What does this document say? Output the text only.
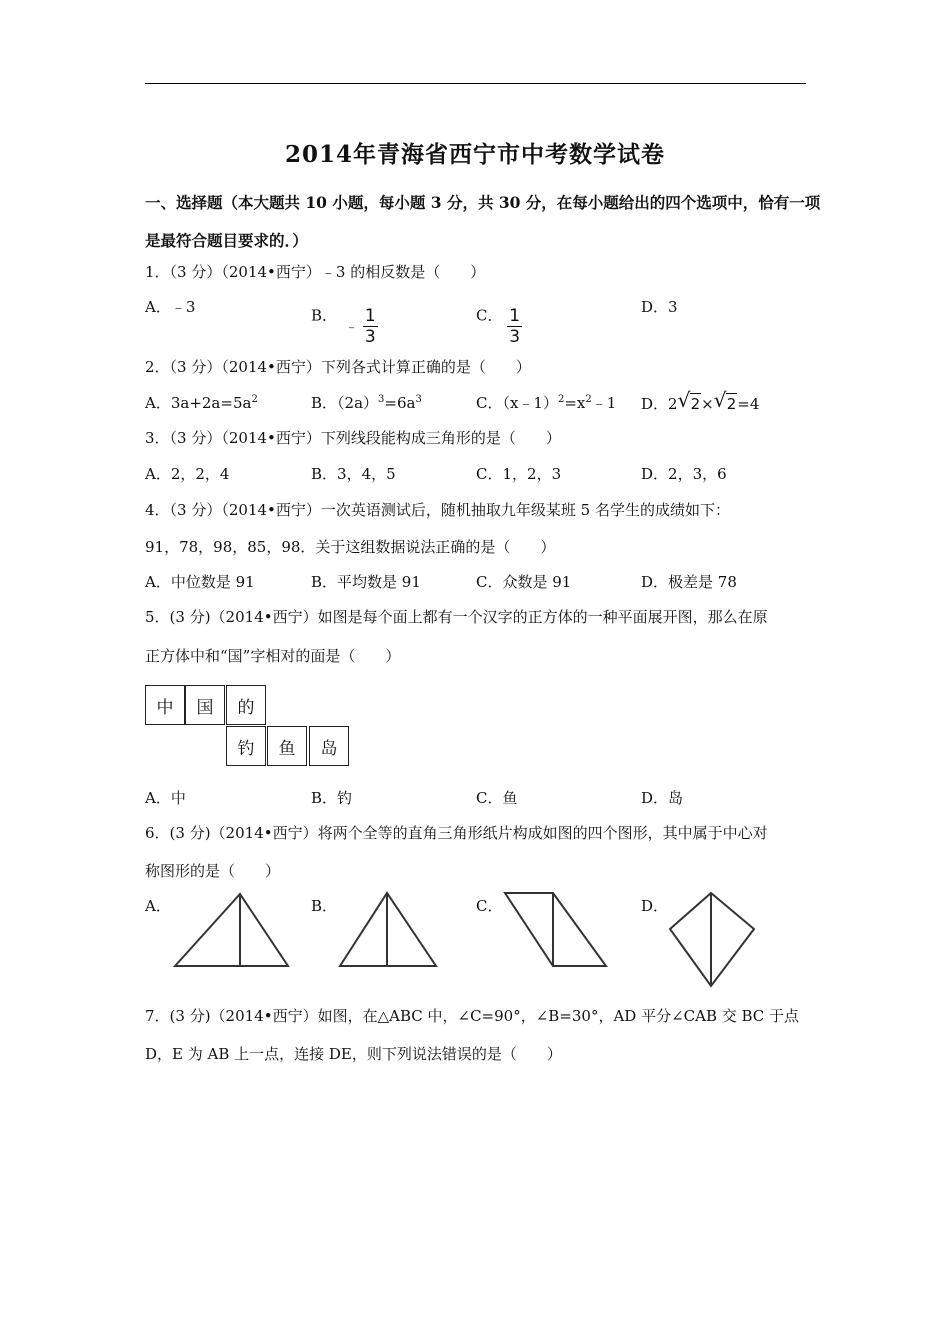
2014年青海省西宁市中考数学试卷
一、选择题（本大题共 10 小题，每小题 3 分，共 30 分，在每小题给出的四个选项中，恰有一项
是最符合题目要求的．）
1．（3 分）（2014•西宁）﹣3 的相反数是（　　）
A．﹣3	B．﹣ $\frac{1}{3}$	C． $\frac{1}{3}$	D．3
2．（3 分）（2014•西宁）下列各式计算正确的是（　　）
A．$3a+2a=5a^2$	B．$(2a)^3=6a^3$	C．$(x﹣1)^2=x^2﹣1$ D．2 √ 2× √ 2=4
3．（3 分）（2014•西宁）下列线段能构成三角形的是（　　）
A．2，2，4	B．3，4，5	C．1，2，3	D．2，3，6
4．（3 分）（2014•西宁）一次英语测试后，随机抽取九年级某班 5 名学生的成绩如下：
91，78，98，85，98．关于这组数据说法正确的是（　　）
A．中位数是 91	B．平均数是 91	C．众数是 91	D．极差是 78
5．(3 分)（2014•西宁）如图是每个面上都有一个汉字的正方体的一种平面展开图，那么在原
正方体中和“国”字相对的面是（　　）
中	国	的
钓	鱼	岛
A．中	B．钓	C．鱼	D．岛
6．(3 分)（2014•西宁）将两个全等的直角三角形纸片构成如图的四个图形，其中属于中心对
称图形的是（　　）
A．	B．	C．	D．
7．(3 分)（2014•西宁）如图，在△ABC 中，∠C=90°，∠B=30°，AD 平分∠CAB 交 BC 于点
D，E 为 AB 上一点，连接 DE，则下列说法错误的是（　　）
